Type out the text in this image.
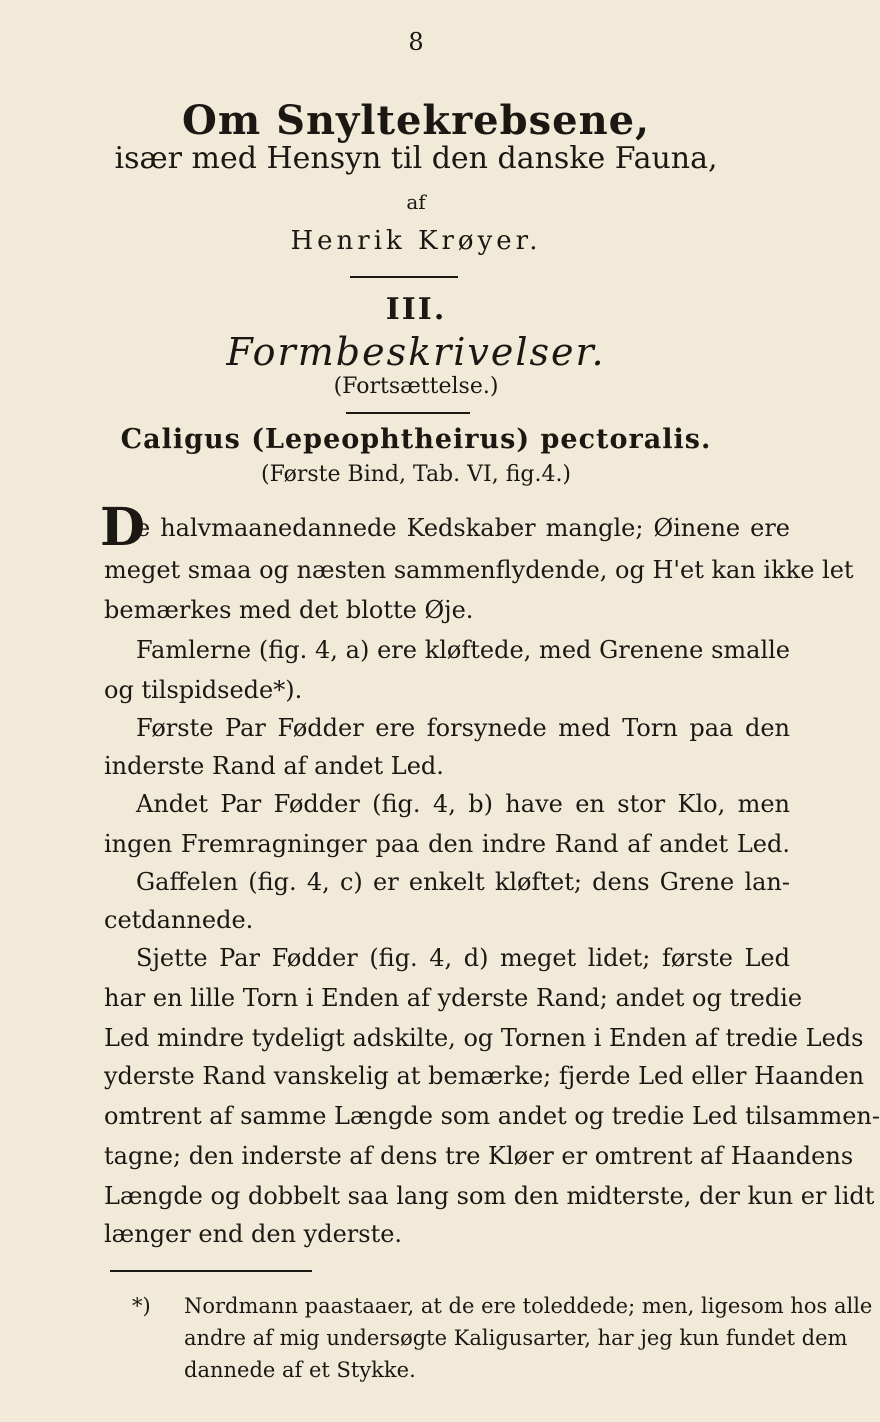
8
Om Snyltekrebsene,
især med Hensyn til den danske Fauna,
af
Henrik Krøyer.
III.
Formbeskrivelser.
(Fortsættelse.)
Caligus (Lepeophtheirus) pectoralis.
(Første Bind, Tab. VI, fig.4.)
D
e halvmaanedannede Kedskaber mangle; Øinene ere
meget smaa og næsten sammenflydende, og H'et kan ikke let
bemærkes med det blotte Øje.
Famlerne (fig. 4, a) ere kløftede, med Grenene smalle
og tilspidsede*).
Første Par Fødder ere forsynede med Torn paa den
inderste Rand af andet Led.
Andet Par Fødder (fig. 4, b) have en stor Klo, men
ingen Fremragninger paa den indre Rand af andet Led.
Gaffelen (fig. 4, c) er enkelt kløftet; dens Grene lan-
cetdannede.
Sjette Par Fødder (fig. 4, d) meget lidet; første Led
har en lille Torn i Enden af yderste Rand; andet og tredie
Led mindre tydeligt adskilte, og Tornen i Enden af tredie Leds
yderste Rand vanskelig at bemærke; fjerde Led eller Haanden
omtrent af samme Længde som andet og tredie Led tilsammen-
tagne; den inderste af dens tre Kløer er omtrent af Haandens
Længde og dobbelt saa lang som den midterste, der kun er lidt
længer end den yderste.
*) Nordmann paastaaer, at de ere toleddede; men, ligesom hos alle
andre af mig undersøgte Kaligusarter, har jeg kun fundet dem
dannede af et Stykke.
